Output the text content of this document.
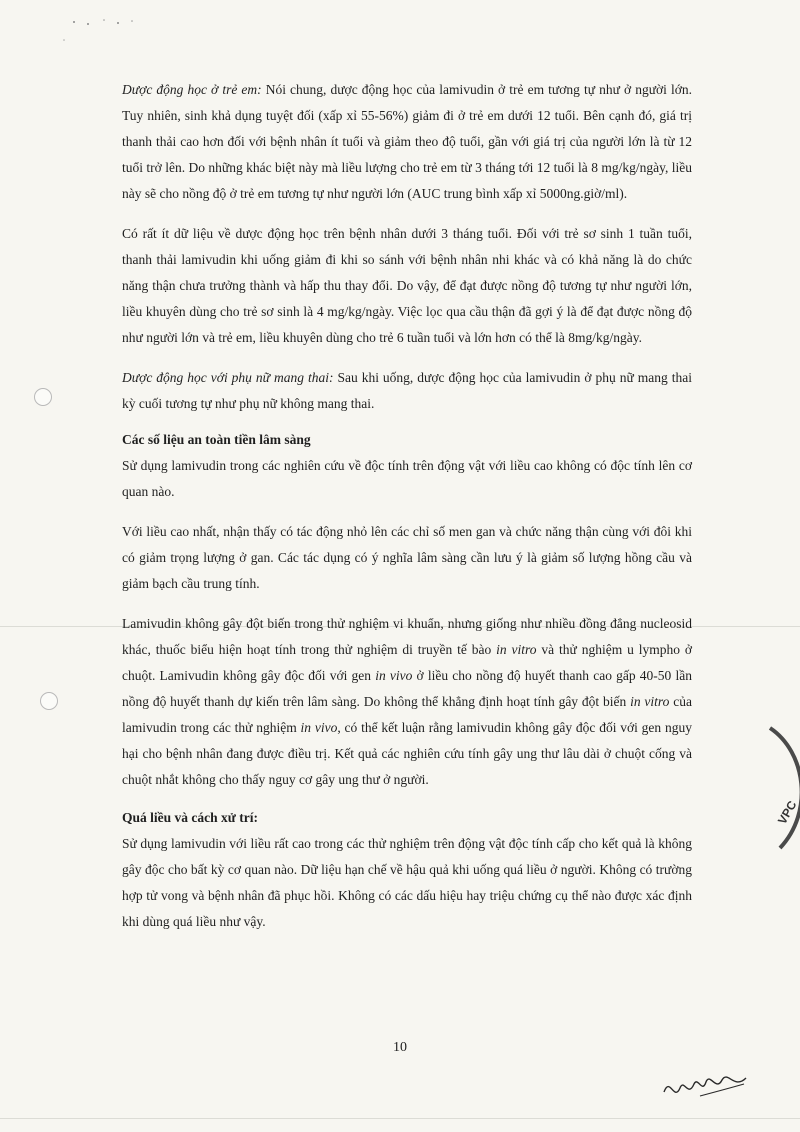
Dược động học ở trẻ em: Nói chung, dược động học của lamivudin ở trẻ em tương tự như ở người lớn. Tuy nhiên, sinh khả dụng tuyệt đối (xấp xỉ 55-56%) giảm đi ở trẻ em dưới 12 tuổi. Bên cạnh đó, giá trị thanh thải cao hơn đối với bệnh nhân ít tuổi và giảm theo độ tuổi, gần với giá trị của người lớn là từ 12 tuổi trở lên. Do những khác biệt này mà liều lượng cho trẻ em từ 3 tháng tới 12 tuổi là 8 mg/kg/ngày, liều này sẽ cho nồng độ ở trẻ em tương tự như người lớn (AUC trung bình xấp xỉ 5000ng.giờ/ml).

Có rất ít dữ liệu về dược động học trên bệnh nhân dưới 3 tháng tuổi. Đối với trẻ sơ sinh 1 tuần tuổi, thanh thải lamivudin khi uống giảm đi khi so sánh với bệnh nhân nhi khác và có khả năng là do chức năng thận chưa trưởng thành và hấp thu thay đổi. Do vậy, để đạt được nồng độ tương tự như người lớn, liều khuyên dùng cho trẻ sơ sinh là 4 mg/kg/ngày. Việc lọc qua cầu thận đã gợi ý là để đạt được nồng độ như người lớn và trẻ em, liều khuyên dùng cho trẻ 6 tuần tuổi và lớn hơn có thể là 8mg/kg/ngày.

Dược động học với phụ nữ mang thai: Sau khi uống, dược động học của lamivudin ở phụ nữ mang thai kỳ cuối tương tự như phụ nữ không mang thai.

Các số liệu an toàn tiền lâm sàng

Sử dụng lamivudin trong các nghiên cứu về độc tính trên động vật với liều cao không có độc tính lên cơ quan nào.

Với liều cao nhất, nhận thấy có tác động nhỏ lên các chỉ số men gan và chức năng thận cùng với đôi khi có giảm trọng lượng ở gan. Các tác dụng có ý nghĩa lâm sàng cần lưu ý là giảm số lượng hồng cầu và giảm bạch cầu trung tính.

Lamivudin không gây đột biến trong thử nghiệm vi khuẩn, nhưng giống như nhiều đồng đẳng nucleosid khác, thuốc biểu hiện hoạt tính trong thử nghiệm di truyền tế bào in vitro và thử nghiệm u lympho ở chuột. Lamivudin không gây độc đối với gen in vivo ở liều cho nồng độ huyết thanh cao gấp 40-50 lần nồng độ huyết thanh dự kiến trên lâm sàng. Do không thể khẳng định hoạt tính gây đột biến in vitro của lamivudin trong các thử nghiệm in vivo, có thể kết luận rằng lamivudin không gây độc đối với gen nguy hại cho bệnh nhân đang được điều trị. Kết quả các nghiên cứu tính gây ung thư lâu dài ở chuột cống và chuột nhắt không cho thấy nguy cơ gây ung thư ở người.

Quá liều và cách xử trí:

Sử dụng lamivudin với liều rất cao trong các thử nghiệm trên động vật độc tính cấp cho kết quả là không gây độc cho bất kỳ cơ quan nào. Dữ liệu hạn chế về hậu quả khi uống quá liều ở người. Không có trường hợp tử vong và bệnh nhân đã phục hồi. Không có các dấu hiệu hay triệu chứng cụ thể nào được xác định khi dùng quá liều như vậy.

VPC
10
